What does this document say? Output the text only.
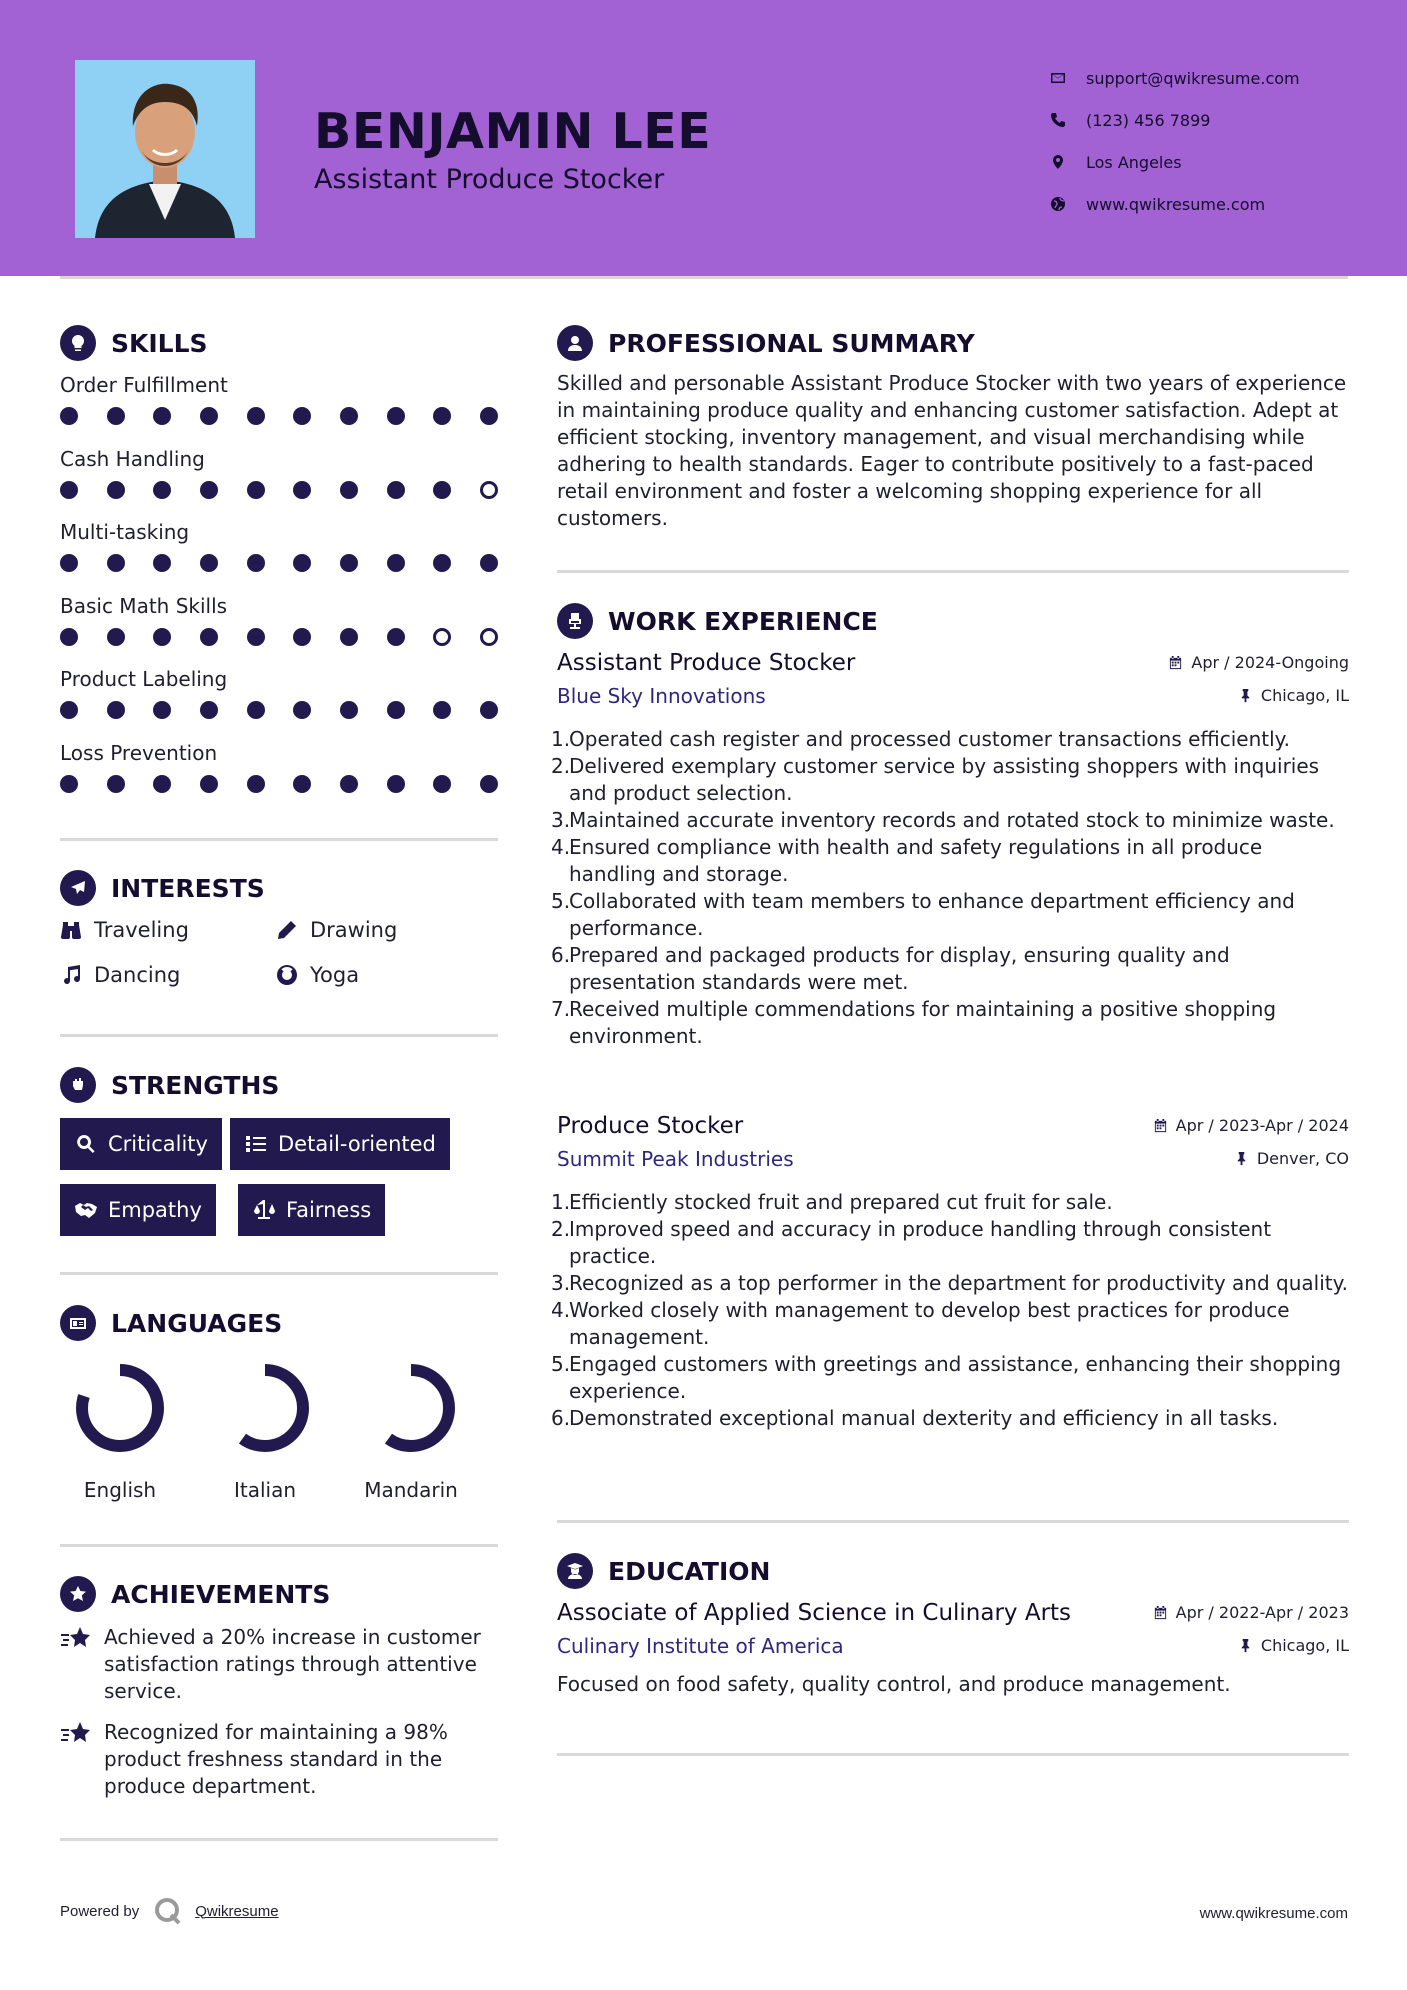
BENJAMIN LEE
Assistant Produce Stocker
support@qwikresume.com
(123) 456 7899
Los Angeles
www.qwikresume.com
SKILLS
Order Fulfillment
Cash Handling
Multi-tasking
Basic Math Skills
Product Labeling
Loss Prevention
INTERESTS
Traveling	Drawing
Dancing	Yoga
STRENGTHS
Criticality	Detail-oriented
Empathy	Fairness
LANGUAGES
English	Italian	Mandarin
ACHIEVEMENTS
Achieved a 20% increase in customer satisfaction ratings through attentive service.
Recognized for maintaining a 98% product freshness standard in the produce department.
PROFESSIONAL SUMMARY
Skilled and personable Assistant Produce Stocker with two years of experience in maintaining produce quality and enhancing customer satisfaction. Adept at efficient stocking, inventory management, and visual merchandising while adhering to health standards. Eager to contribute positively to a fast-paced retail environment and foster a welcoming shopping experience for all customers.
WORK EXPERIENCE
Assistant Produce Stocker	Apr / 2024-Ongoing
Blue Sky Innovations	Chicago, IL
1.
Operated cash register and processed customer transactions efficiently.
2.
Delivered exemplary customer service by assisting shoppers with inquiries and product selection.
3.
Maintained accurate inventory records and rotated stock to minimize waste.
4.
Ensured compliance with health and safety regulations in all produce handling and storage.
5.
Collaborated with team members to enhance department efficiency and performance.
6.
Prepared and packaged products for display, ensuring quality and presentation standards were met.
7.
Received multiple commendations for maintaining a positive shopping environment.
Produce Stocker	Apr / 2023-Apr / 2024
Summit Peak Industries	Denver, CO
1.
Efficiently stocked fruit and prepared cut fruit for sale.
2.
Improved speed and accuracy in produce handling through consistent practice.
3.
Recognized as a top performer in the department for productivity and quality.
4.
Worked closely with management to develop best practices for produce management.
5.
Engaged customers with greetings and assistance, enhancing their shopping experience.
6.
Demonstrated exceptional manual dexterity and efficiency in all tasks.
EDUCATION
Associate of Applied Science in Culinary Arts	Apr / 2022-Apr / 2023
Culinary Institute of America	Chicago, IL
Focused on food safety, quality control, and produce management.
Powered by	Qwikresume	www.qwikresume.com
